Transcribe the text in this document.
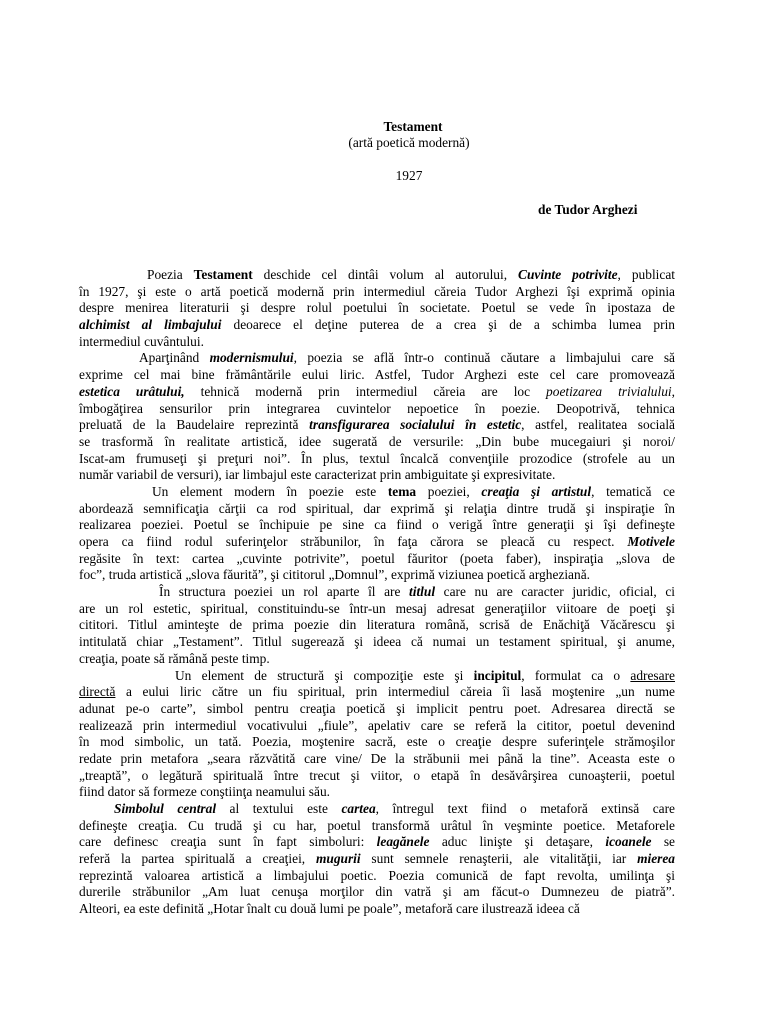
Testament
(artă poetică modernă)
1927
de Tudor Arghezi
Poezia Testament deschide cel dintâi volum al autorului, Cuvinte potrivite, publicat
în 1927, şi este o artă poetică modernă prin intermediul căreia Tudor Arghezi îşi exprimă opinia
despre menirea literaturii şi despre rolul poetului în societate. Poetul se vede în ipostaza de
alchimist al limbajului deoarece el deţine puterea de a crea şi de a schimba lumea prin
intermediul cuvântului.
Aparţinând modernismului, poezia se află într-o continuă căutare a limbajului care să
exprime cel mai bine frământările eului liric. Astfel, Tudor Arghezi este cel care promovează
estetica urâtului, tehnică modernă prin intermediul căreia are loc poetizarea trivialului,
îmbogăţirea sensurilor prin integrarea cuvintelor nepoetice în poezie. Deopotrivă, tehnica
preluată de la Baudelaire reprezintă transfigurarea socialului în estetic, astfel, realitatea socială
se trasformă în realitate artistică, idee sugerată de versurile: „Din bube mucegaiuri şi noroi/
Iscat-am frumuseţi şi preţuri noi”. În plus, textul încalcă convenţiile prozodice (strofele au un
număr variabil de versuri), iar limbajul este caracterizat prin ambiguitate şi expresivitate.
Un element modern în poezie este tema poeziei, creaţia şi artistul, tematică ce
abordează semnificaţia cărţii ca rod spiritual, dar exprimă şi relaţia dintre trudă şi inspiraţie în
realizarea poeziei. Poetul se închipuie pe sine ca fiind o verigă între generaţii şi îşi defineşte
opera ca fiind rodul suferinţelor străbunilor, în faţa cărora se pleacă cu respect. Motivele
regăsite în text: cartea „cuvinte potrivite”, poetul făuritor (poeta faber), inspiraţia „slova de
foc”, truda artistică „slova făurită”, şi cititorul „Domnul”, exprimă viziunea poetică argheziană.
În structura poeziei un rol aparte îl are titlul care nu are caracter juridic, oficial, ci
are un rol estetic, spiritual, constituindu-se într-un mesaj adresat generaţiilor viitoare de poeţi şi
cititori. Titlul aminteşte de prima poezie din literatura română, scrisă de Enăchiţă Văcărescu şi
intitulată chiar „Testament”. Titlul sugerează şi ideea că numai un testament spiritual, şi anume,
creaţia, poate să rămână peste timp.
Un element de structură şi compoziţie este şi incipitul, formulat ca o adresare
directă a eului liric către un fiu spiritual, prin intermediul căreia îi lasă moştenire „un nume
adunat pe-o carte”, simbol pentru creaţia poetică şi implicit pentru poet. Adresarea directă se
realizează prin intermediul vocativului „fiule”, apelativ care se referă la cititor, poetul devenind
în mod simbolic, un tată. Poezia, moştenire sacră, este o creaţie despre suferinţele strămoşilor
redate prin metafora „seara răzvătită care vine/ De la străbunii mei până la tine”. Aceasta este o
„treaptă”, o legătură spirituală între trecut şi viitor, o etapă în desăvârşirea cunoaşterii, poetul
fiind dator să formeze conştiinţa neamului său.
Simbolul central al textului este cartea, întregul text fiind o metaforă extinsă care
defineşte creaţia. Cu trudă şi cu har, poetul transformă urâtul în veşminte poetice. Metaforele
care definesc creaţia sunt în fapt simboluri: leagănele aduc linişte şi detaşare, icoanele se
referă la partea spirituală a creaţiei, mugurii sunt semnele renaşterii, ale vitalităţii, iar mierea
reprezintă valoarea artistică a limbajului poetic. Poezia comunică de fapt revolta, umilinţa şi
durerile străbunilor „Am luat cenuşa morţilor din vatră şi am făcut-o Dumnezeu de piatră”.
Alteori, ea este definită „Hotar înalt cu două lumi pe poale”, metaforă care ilustrează ideea că
